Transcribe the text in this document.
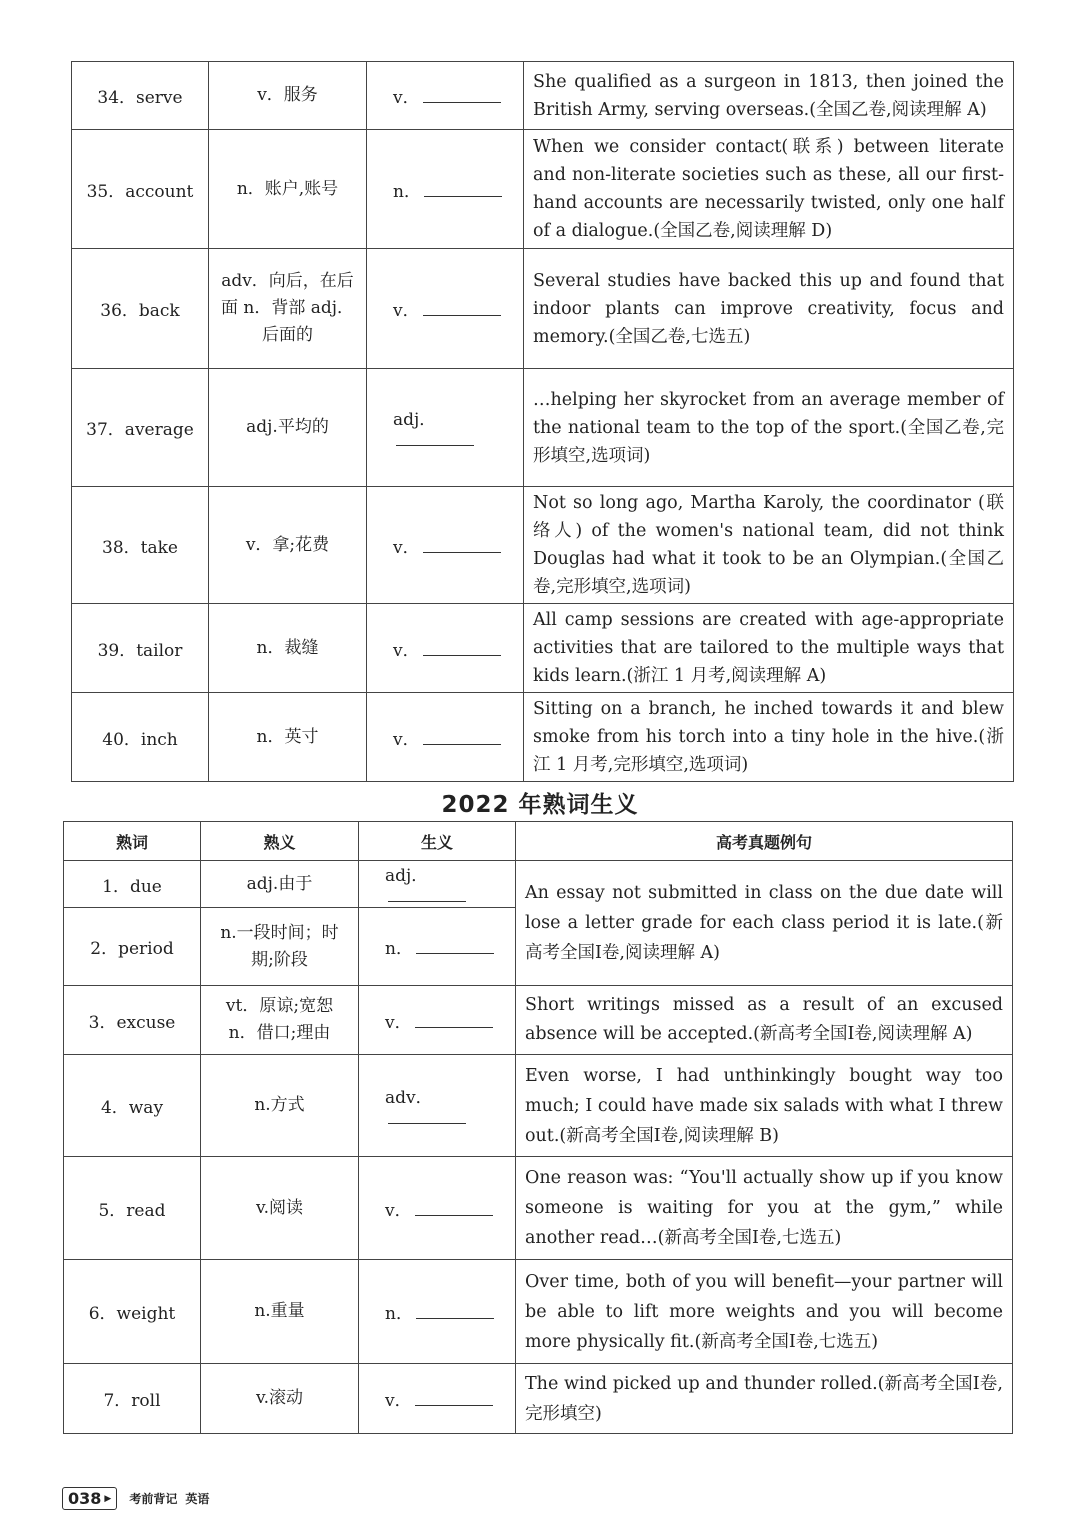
34．serve	v．服务	v．	She qualified as a surgeon in 1813, then joined the British Army, serving overseas.(全国乙卷,阅读理解 A)
35．account	n．账户,账号	n．	When we consider contact(联系) between literate and non-literate societies such as these, all our first-hand accounts are necessarily twisted, only one half of a dialogue.(全国乙卷,阅读理解 D)
36．back	adv．向后，在后面 n．背部 adj．后面的	v．	Several studies have backed this up and found that indoor plants can improve creativity, focus and memory.(全国乙卷,七选五)
37．average	adj.平均的	adj．	…helping her skyrocket from an average member of the national team to the top of the sport.(全国乙卷,完形填空,选项词)
38．take	v．拿;花费	v．	Not so long ago, Martha Karoly, the coordinator (联络人) of the women's national team, did not think Douglas had what it took to be an Olympian.(全国乙卷,完形填空,选项词)
39．tailor	n．裁缝	v．	All camp sessions are created with age-appropriate activities that are tailored to the multiple ways that kids learn.(浙江 1 月考,阅读理解 A)
40．inch	n．英寸	v．	Sitting on a branch, he inched towards it and blew smoke from his torch into a tiny hole in the hive.(浙江 1 月考,完形填空,选项词)
2022 年熟词生义
熟词	熟义	生义	高考真题例句
1．due	adj.由于	adj．	An essay not submitted in class on the due date will lose a letter grade for each class period it is late.(新高考全国Ⅰ卷,阅读理解 A)
2．period	n.一段时间；时期;阶段	n．	
3．excuse	vt．原谅;宽恕 n．借口;理由	v．	Short writings missed as a result of an excused absence will be accepted.(新高考全国Ⅰ卷,阅读理解 A)
4．way	n.方式	adv．	Even worse, I had unthinkingly bought way too much; I could have made six salads with what I threw out.(新高考全国Ⅰ卷,阅读理解 B)
5．read	v.阅读	v．	One reason was: “You'll actually show up if you know someone is waiting for you at the gym,” while another read…(新高考全国Ⅰ卷,七选五)
6．weight	n.重量	n．	Over time, both of you will benefit—your partner will be able to lift more weights and you will become more physically fit.(新高考全国Ⅰ卷,七选五)
7．roll	v.滚动	v．	The wind picked up and thunder rolled.(新高考全国Ⅰ卷,完形填空)
038 ▶ 考前背记 英语
